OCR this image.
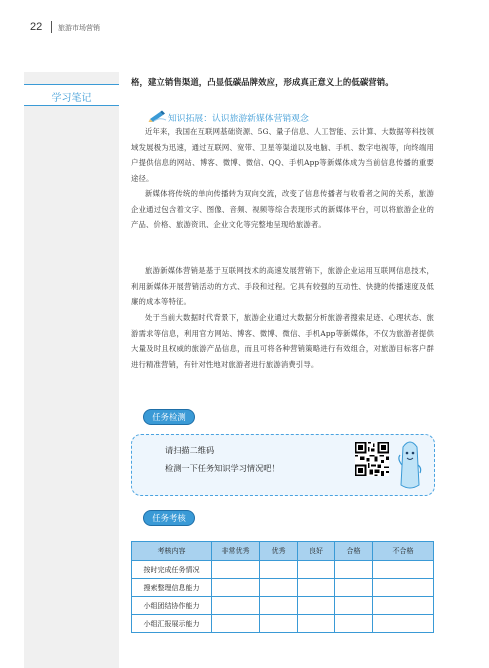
22 旅游市场营销
学习笔记
格，建立销售渠道，凸显低碳品牌效应，形成真正意义上的低碳营销。
知识拓展：认识旅游新媒体营销观念

近年来，我国在互联网基础资源、5G、量子信息、人工智能、云计算、大数据等科技领域发展极为迅速，通过互联网、宽带、卫星等渠道以及电脑、手机、数字电视等，向终端用户提供信息的网站、博客、微博、微信、QQ、手机App等新媒体成为当前信息传播的重要途径。

新媒体将传统的单向传播转为双向交流，改变了信息传播者与收看者之间的关系，旅游企业通过包含着文字、图像、音频、视频等综合表现形式的新媒体平台，可以将旅游企业的产品、价格、旅游资讯、企业文化等完整地呈现给旅游者。

旅游新媒体营销是基于互联网技术的高速发展营销下，旅游企业运用互联网信息技术，利用新媒体开展营销活动的方式、手段和过程。它具有较强的互动性、快捷的传播速度及低廉的成本等特征。

处于当前大数据时代背景下，旅游企业通过大数据分析旅游者搜索足迹、心理状态、旅游需求等信息，利用官方网站、博客、微博、微信、手机App等新媒体，不仅为旅游者提供大量及时且权威的旅游产品信息，而且可将各种营销策略进行有效组合，对旅游目标客户群进行精准营销，有针对性地对旅游者进行旅游消费引导。

任务检测
请扫描二维码
检测一下任务知识学习情况吧！
任务考核
考核内容	非常优秀	优秀	良好	合格	不合格
按时完成任务情况					
搜索整理信息能力					
小组团结协作能力					
小组汇报展示能力					
